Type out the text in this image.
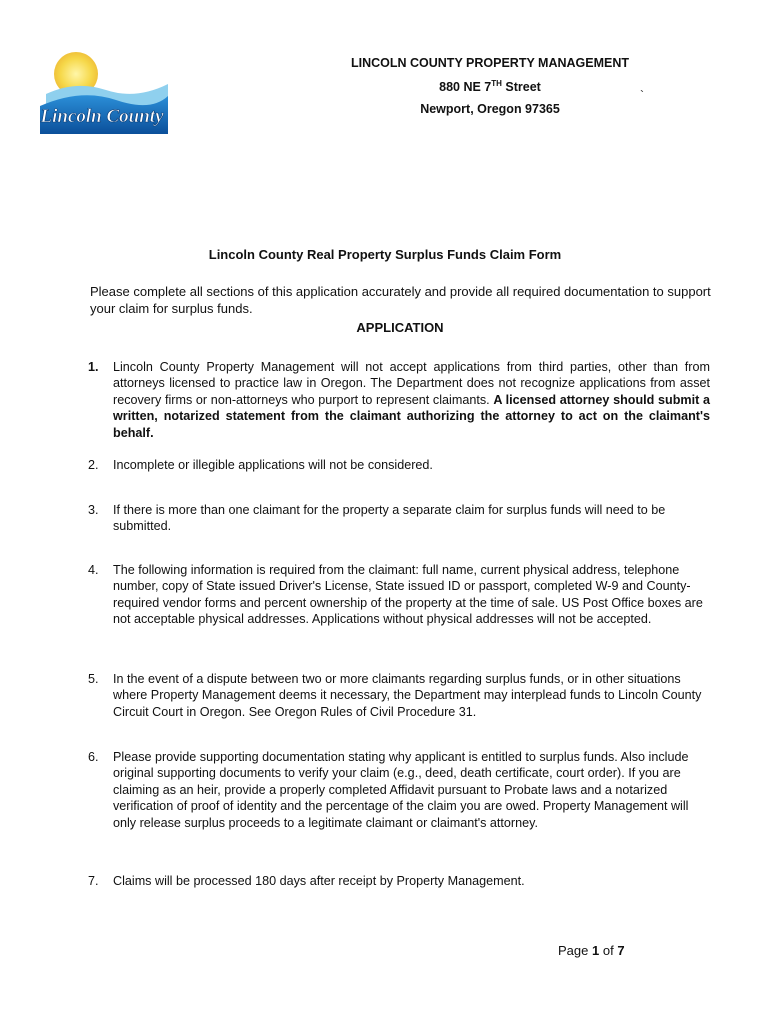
Lincoln County
LINCOLN COUNTY PROPERTY MANAGEMENT
880 NE 7TH Street
Newport, Oregon 97365
`
Lincoln County Real Property Surplus Funds Claim Form
Please complete all sections of this application accurately and provide all required documentation to support your claim for surplus funds.
APPLICATION
1.	Lincoln County Property Management will not accept applications from third parties, other than from attorneys licensed to practice law in Oregon. The Department does not recognize applications from asset recovery firms or non-attorneys who purport to represent claimants. A licensed attorney should submit a written, notarized statement from the claimant authorizing the attorney to act on the claimant's behalf.
2.	Incomplete or illegible applications will not be considered.
3.	If there is more than one claimant for the property a separate claim for surplus funds will need to be submitted.
4.	The following information is required from the claimant: full name, current physical address, telephone number, copy of State issued Driver's License, State issued ID or passport, completed W-9 and County-required vendor forms and percent ownership of the property at the time of sale. US Post Office boxes are not acceptable physical addresses. Applications without physical addresses will not be accepted.
5.	In the event of a dispute between two or more claimants regarding surplus funds, or in other situations where Property Management deems it necessary, the Department may interplead funds to Lincoln County Circuit Court in Oregon. See Oregon Rules of Civil Procedure 31.
6.	Please provide supporting documentation stating why applicant is entitled to surplus funds. Also include original supporting documents to verify your claim (e.g., deed, death certificate, court order). If you are claiming as an heir, provide a properly completed Affidavit pursuant to Probate laws and a notarized verification of proof of identity and the percentage of the claim you are owed. Property Management will only release surplus proceeds to a legitimate claimant or claimant's attorney.
7.	Claims will be processed 180 days after receipt by Property Management.
Page 1 of 7
